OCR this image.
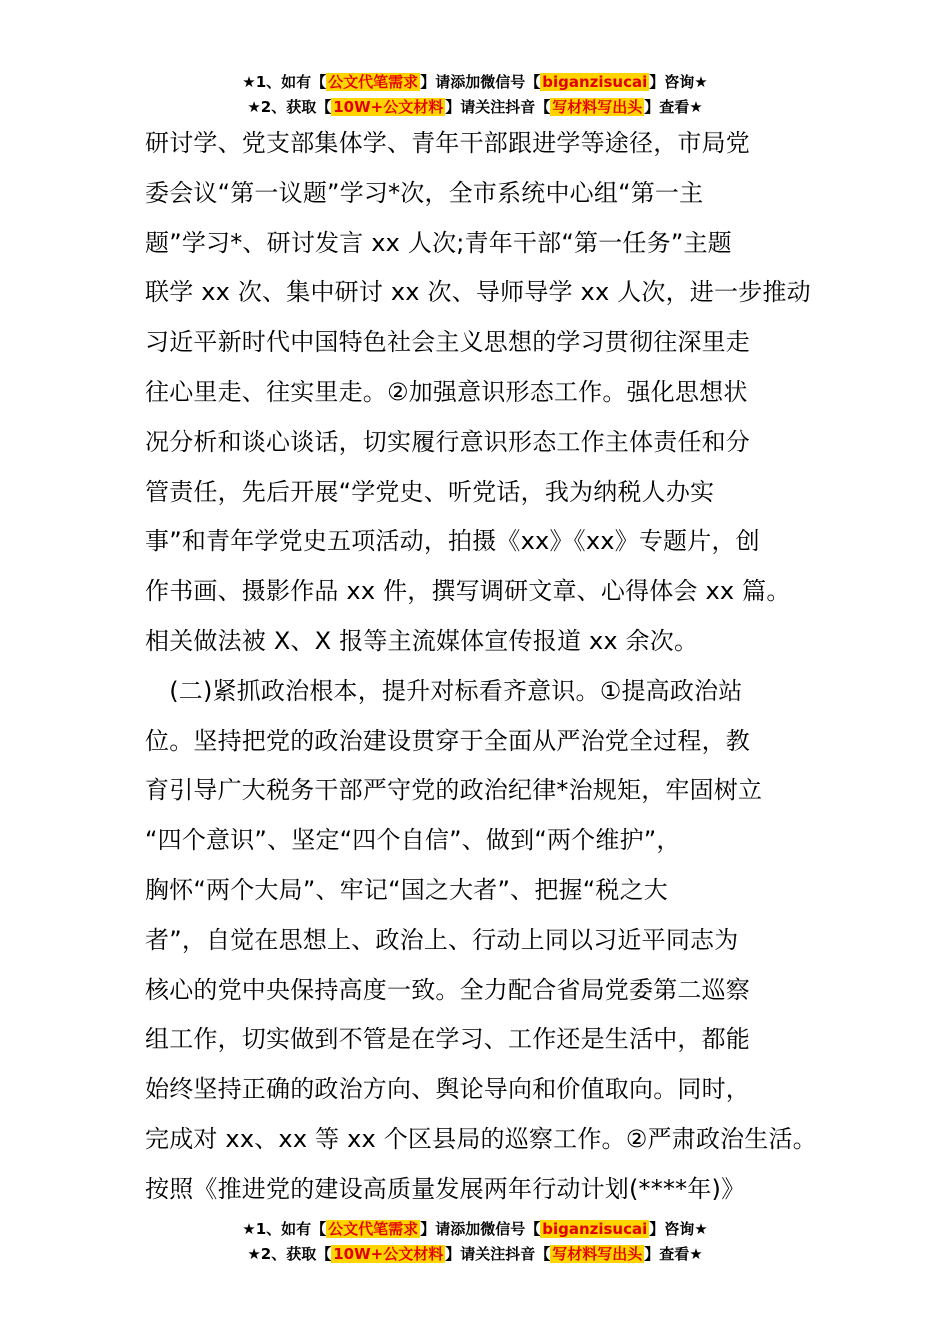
★1、如有【 公文代笔需求 】请添加微信号【 biganzisucai 】咨询★
★2、获取【 10W+公文材料 】请关注抖音【 写材料写出头 】查看★
研讨学、党支部集体学、青年干部跟进学等途径，市局党
委会议“第一议题”学习*次，全市系统中心组“第一主
题”学习*、研讨发言 xx 人次;青年干部“第一任务”主题
联学 xx 次、集中研讨 xx 次、导师导学 xx 人次，进一步推动
习近平新时代中国特色社会主义思想的学习贯彻往深里走
往心里走、往实里走。②加强意识形态工作。强化思想状
况分析和谈心谈话，切实履行意识形态工作主体责任和分
管责任，先后开展“学党史、听党话，我为纳税人办实
事”和青年学党史五项活动，拍摄《xx》《xx》专题片，创
作书画、摄影作品 xx 件，撰写调研文章、心得体会 xx 篇。
相关做法被 X、X 报等主流媒体宣传报道 xx 余次。
　(二)紧抓政治根本，提升对标看齐意识。①提高政治站
位。坚持把党的政治建设贯穿于全面从严治党全过程，教
育引导广大税务干部严守党的政治纪律*治规矩，牢固树立
“四个意识”、坚定“四个自信”、做到“两个维护”，
胸怀“两个大局”、牢记“国之大者”、把握“税之大
者”，自觉在思想上、政治上、行动上同以习近平同志为
核心的党中央保持高度一致。全力配合省局党委第二巡察
组工作，切实做到不管是在学习、工作还是生活中，都能
始终坚持正确的政治方向、舆论导向和价值取向。同时，
完成对 xx、xx 等 xx 个区县局的巡察工作。②严肃政治生活。
按照《推进党的建设高质量发展两年行动计划(****年)》
★1、如有【 公文代笔需求 】请添加微信号【 biganzisucai 】咨询★
★2、获取【 10W+公文材料 】请关注抖音【 写材料写出头 】查看★
